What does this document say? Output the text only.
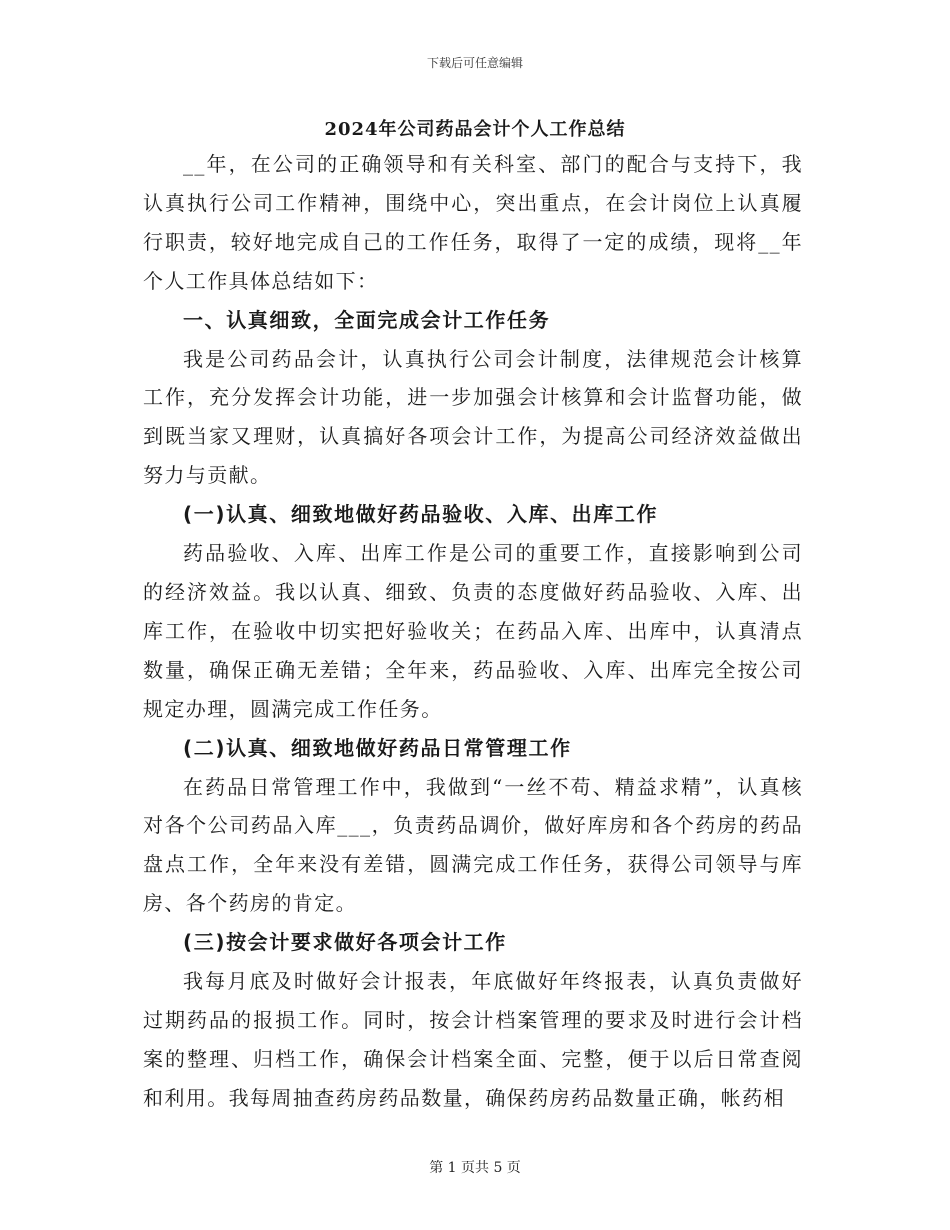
下载后可任意编辑
2024年公司药品会计个人工作总结

__年，在公司的正确领导和有关科室、部门的配合与支持下，我认真执行公司工作精神，围绕中心，突出重点，在会计岗位上认真履行职责，较好地完成自己的工作任务，取得了一定的成绩，现将__年个人工作具体总结如下：

一、认真细致，全面完成会计工作任务

我是公司药品会计，认真执行公司会计制度，法律规范会计核算工作，充分发挥会计功能，进一步加强会计核算和会计监督功能，做到既当家又理财，认真搞好各项会计工作，为提高公司经济效益做出努力与贡献。

(一)认真、细致地做好药品验收、入库、出库工作

药品验收、入库、出库工作是公司的重要工作，直接影响到公司的经济效益。我以认真、细致、负责的态度做好药品验收、入库、出库工作，在验收中切实把好验收关；在药品入库、出库中，认真清点数量，确保正确无差错；全年来，药品验收、入库、出库完全按公司规定办理，圆满完成工作任务。

(二)认真、细致地做好药品日常管理工作

在药品日常管理工作中，我做到“一丝不苟、精益求精”，认真核对各个公司药品入库___，负责药品调价，做好库房和各个药房的药品盘点工作，全年来没有差错，圆满完成工作任务，获得公司领导与库房、各个药房的肯定。

(三)按会计要求做好各项会计工作

我每月底及时做好会计报表，年底做好年终报表，认真负责做好过期药品的报损工作。同时，按会计档案管理的要求及时进行会计档案的整理、归档工作，确保会计档案全面、完整，便于以后日常查阅和利用。我每周抽查药房药品数量，确保药房药品数量正确，帐药相

第 1 页共 5 页
